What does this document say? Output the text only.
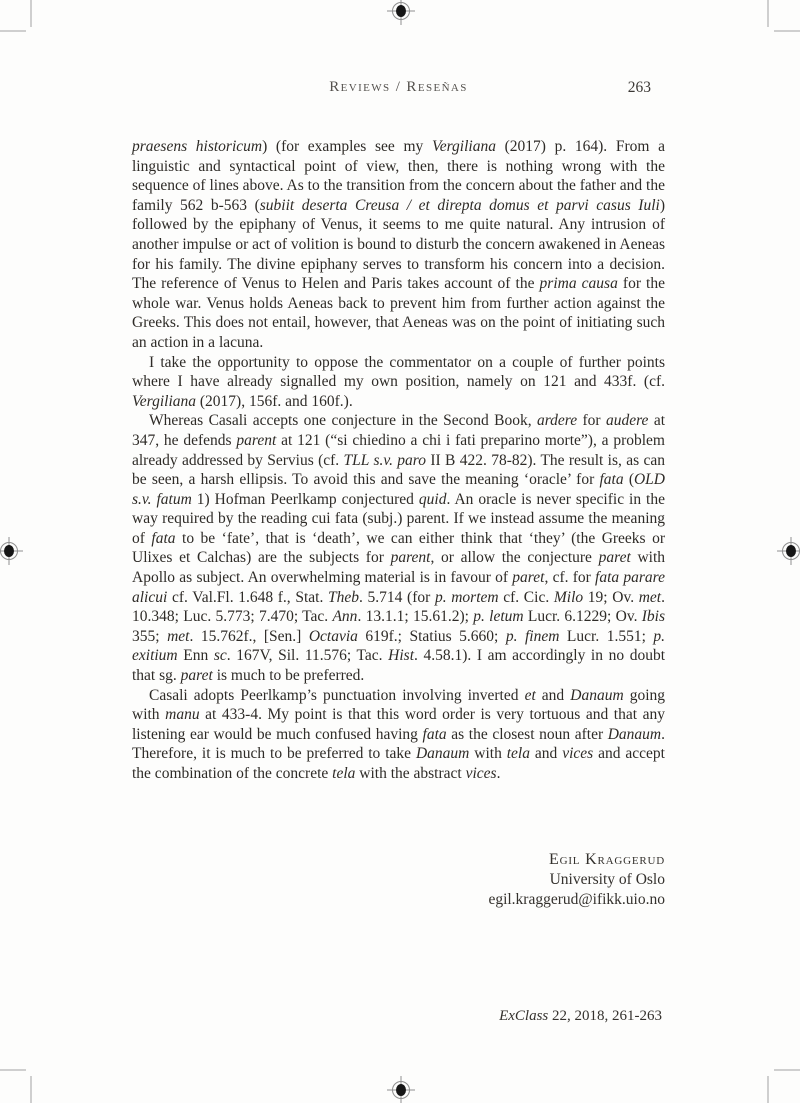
Reviews / Reseñas	263

praesens historicum) (for examples see my Vergiliana (2017) p. 164). From a linguistic and syntactical point of view, then, there is nothing wrong with the sequence of lines above. As to the transition from the concern about the father and the family 562 b-563 (subiit deserta Creusa / et direpta domus et parvi casus Iuli) followed by the epiphany of Venus, it seems to me quite natural. Any intrusion of another impulse or act of volition is bound to disturb the concern awakened in Aeneas for his family. The divine epiphany serves to transform his concern into a decision. The reference of Venus to Helen and Paris takes account of the prima causa for the whole war. Venus holds Aeneas back to prevent him from further action against the Greeks. This does not entail, however, that Aeneas was on the point of initiating such an action in a lacuna.

I take the opportunity to oppose the commentator on a couple of further points where I have already signalled my own position, namely on 121 and 433f. (cf. Vergiliana (2017), 156f. and 160f.).

Whereas Casali accepts one conjecture in the Second Book, ardere for audere at 347, he defends parent at 121 (“si chiedino a chi i fati preparino morte”), a problem already addressed by Servius (cf. TLL s.v. paro II B 422. 78-82). The result is, as can be seen, a harsh ellipsis. To avoid this and save the meaning ‘oracle’ for fata (OLD s.v. fatum 1) Hofman Peerlkamp conjectured quid. An oracle is never specific in the way required by the reading cui fata (subj.) parent. If we instead assume the meaning of fata to be ‘fate’, that is ‘death’, we can either think that ‘they’ (the Greeks or Ulixes et Calchas) are the subjects for parent, or allow the conjecture paret with Apollo as subject. An overwhelming material is in favour of paret, cf. for fata parare alicui cf. Val.Fl. 1.648 f., Stat. Theb. 5.714 (for p. mortem cf. Cic. Milo 19; Ov. met. 10.348; Luc. 5.773; 7.470; Tac. Ann. 13.1.1; 15.61.2); p. letum Lucr. 6.1229; Ov. Ibis 355; met. 15.762f., [Sen.] Octavia 619f.; Statius 5.660; p. finem Lucr. 1.551; p. exitium Enn sc. 167V, Sil. 11.576; Tac. Hist. 4.58.1). I am accordingly in no doubt that sg. paret is much to be preferred.

Casali adopts Peerlkamp’s punctuation involving inverted et and Danaum going with manu at 433-4. My point is that this word order is very tortuous and that any listening ear would be much confused having fata as the closest noun after Danaum. Therefore, it is much to be preferred to take Danaum with tela and vices and accept the combination of the concrete tela with the abstract vices.

Egil Kraggerud
University of Oslo
egil.kraggerud@ifikk.uio.no
ExClass 22, 2018, 261-263
